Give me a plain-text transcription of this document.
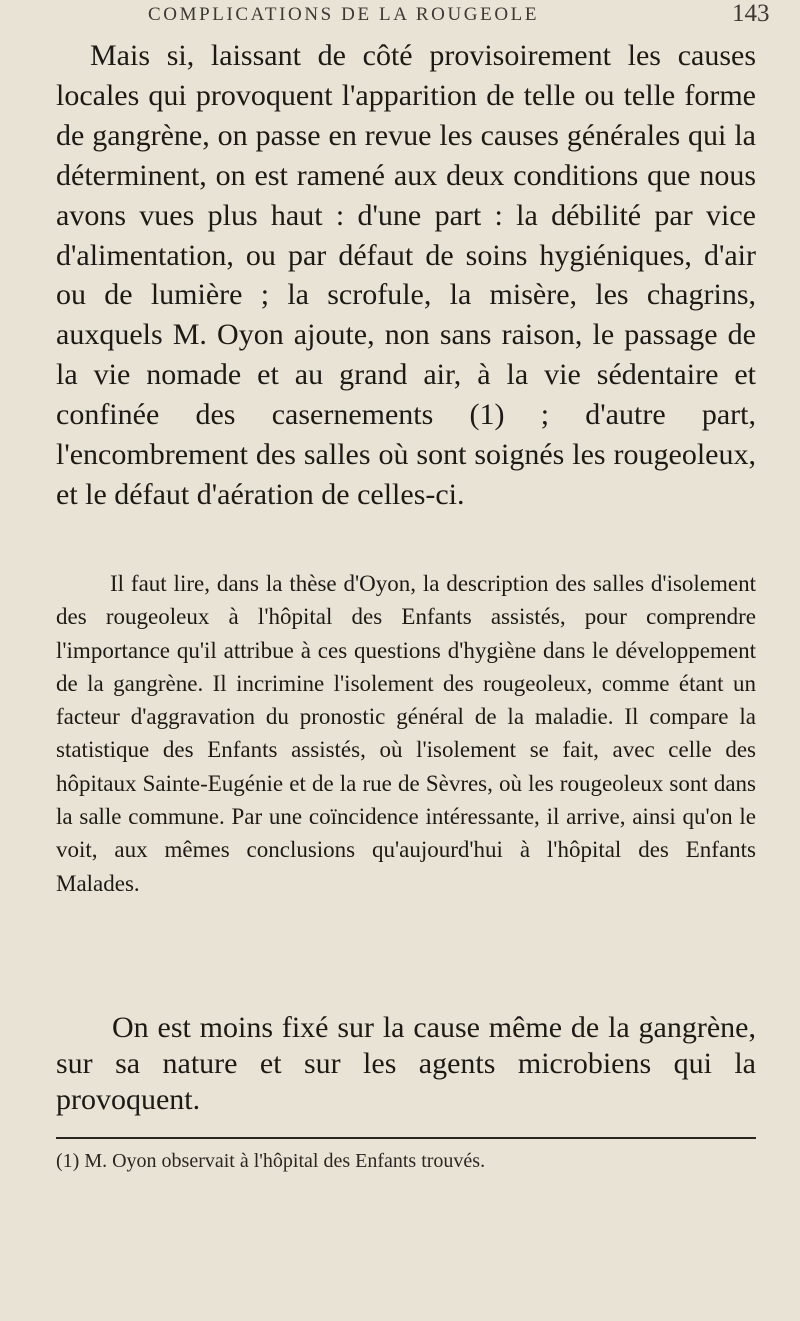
COMPLICATIONS DE LA ROUGEOLE	143

Mais si, laissant de côté provisoirement les causes locales qui provoquent l'apparition de telle ou telle forme de gangrène, on passe en revue les causes générales qui la déterminent, on est ramené aux deux conditions que nous avons vues plus haut : d'une part : la débilité par vice d'alimentation, ou par défaut de soins hygiéniques, d'air ou de lumière ; la scrofule, la misère, les chagrins, auxquels M. Oyon ajoute, non sans raison, le passage de la vie nomade et au grand air, à la vie sédentaire et confinée des casernements (1) ; d'autre part, l'encombrement des salles où sont soignés les rougeoleux, et le défaut d'aération de celles-ci.

Il faut lire, dans la thèse d'Oyon, la description des salles d'isolement des rougeoleux à l'hôpital des Enfants assistés, pour comprendre l'importance qu'il attribue à ces questions d'hygiène dans le développement de la gangrène. Il incrimine l'isolement des rougeoleux, comme étant un facteur d'aggravation du pronostic général de la maladie. Il compare la statistique des Enfants assistés, où l'isolement se fait, avec celle des hôpitaux Sainte-Eugénie et de la rue de Sèvres, où les rougeoleux sont dans la salle commune. Par une coïncidence intéressante, il arrive, ainsi qu'on le voit, aux mêmes conclusions qu'aujourd'hui à l'hôpital des Enfants Malades.

On est moins fixé sur la cause même de la gangrène, sur sa nature et sur les agents microbiens qui la provoquent.

(1) M. Oyon observait à l'hôpital des Enfants trouvés.
